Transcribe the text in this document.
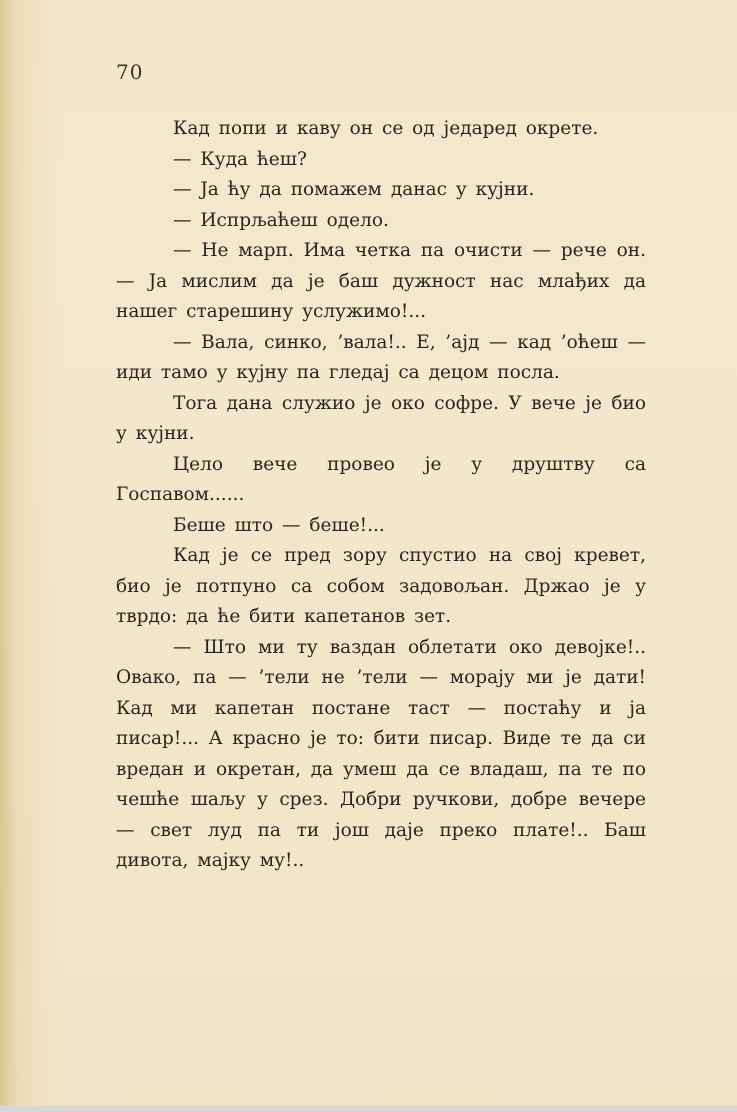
70

Кад попи и каву он се од једаред окрете.

— Куда ћеш?

— Ја ћу да помажем данас у кујни.

— Испрљаћеш одело.

— Не марп. Има четка па очисти — рече он. — Ја мислим да је баш дужност нас млађих да нашег старешину услужимо!...

— Вала, синко, ’вала!.. Е, ’ајд — кад ’оћеш — иди тамо у кујну па гледај са децом посла.

Тога дана служио је око софре. У вече је био у кујни.

Цело вече провео је у друштву са Госпавом......

Беше што — беше!...

Кад је се пред зору спустио на свој кревет, био је потпуно са собом задовољан. Држао је у тврдо: да ће бити капетанов зет.

— Што ми ту ваздан облетати око девојке!.. Овако, па — ’тели не ’тели — морају ми је дати! Кад ми капетан постане таст — постаћу и ја писар!... А красно је то: бити писар. Виде те да си вредан и окретан, да умеш да се владаш, па те по чешће шаљу у срез. Добри ручкови, добре вечере — свет луд па ти још даје преко плате!.. Баш дивота, мајку му!..
